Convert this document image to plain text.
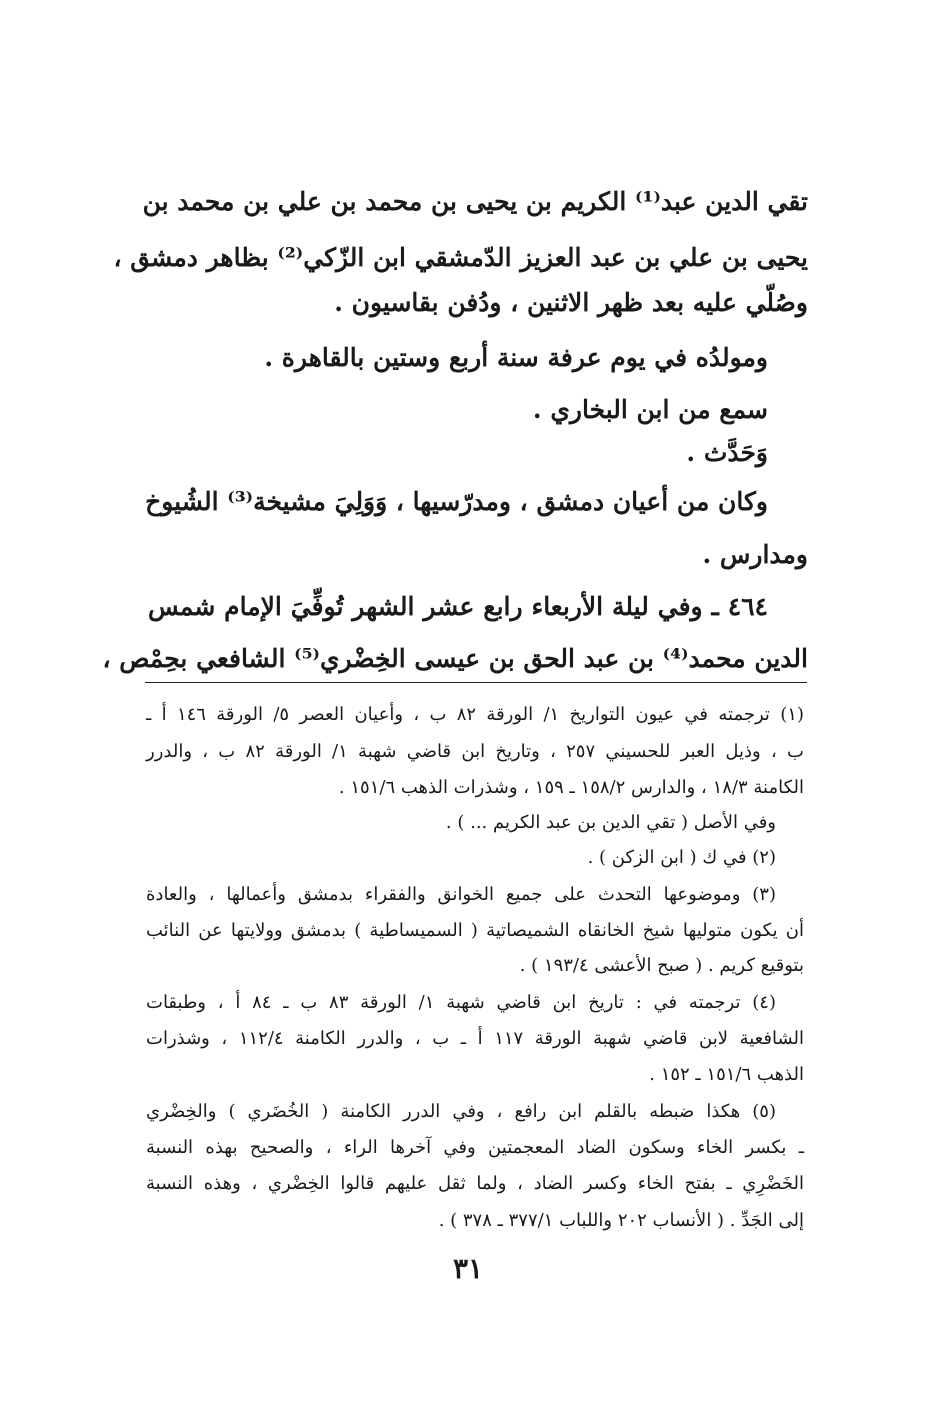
تقي الدين عبد⁽¹⁾ الكريم بن يحيى بن محمد بن علي بن محمد بن
يحيى بن علي بن عبد العزيز الدّمشقي ابن الزّكي⁽²⁾ بظاهر دمشق ،
وصُلّي عليه بعد ظهر الاثنين ، ودُفن بقاسيون .
ومولدُه في يوم عرفة سنة أربع وستين بالقاهرة .
سمع من ابن البخاري .
وَحَدَّث .
وكان من أعيان دمشق ، ومدرّسيها ، وَوَلِيَ مشيخة⁽³⁾ الشُيوخ
ومدارس .
٤٦٤ ـ وفي ليلة الأربعاء رابع عشر الشهر تُوفِّيَ الإمام شمس
الدين محمد⁽⁴⁾ بن عبد الحق بن عيسى الخِضْري⁽⁵⁾ الشافعي بحِمْص ،
(١) ترجمته في عيون التواريخ ١/ الورقة ٨٢ ب ، وأعيان العصر ٥/ الورقة ١٤٦ أ ـ
ب ، وذيل العبر للحسيني ٢٥٧ ، وتاريخ ابن قاضي شهبة ١/ الورقة ٨٢ ب ، والدرر
الكامنة ١٨/٣ ، والدارس ١٥٨/٢ ـ ١٥٩ ، وشذرات الذهب ١٥١/٦ .
وفي الأصل ( تقي الدين بن عبد الكريم ... ) .
(٢) في ك ( ابن الزكن ) .
(٣) وموضوعها التحدث على جميع الخوانق والفقراء بدمشق وأعمالها ، والعادة
أن يكون متوليها شيخ الخانقاه الشميصاتية ( السميساطية ) بدمشق وولايتها عن النائب
بتوقيع كريم . ( صبح الأعشى ١٩٣/٤ ) .
(٤) ترجمته في : تاريخ ابن قاضي شهبة ١/ الورقة ٨٣ ب ـ ٨٤ أ ، وطبقات
الشافعية لابن قاضي شهبة الورقة ١١٧ أ ـ ب ، والدرر الكامنة ١١٢/٤ ، وشذرات
الذهب ١٥١/٦ ـ ١٥٢ .
(٥) هكذا ضبطه بالقلم ابن رافع ، وفي الدرر الكامنة ( الخُضَري ) والخِضْري
ـ بكسر الخاء وسكون الضاد المعجمتين وفي آخرها الراء ، والصحيح بهذه النسبة
الخَضْرِي ـ بفتح الخاء وكسر الضاد ، ولما ثقل عليهم قالوا الخِضْري ، وهذه النسبة
إلى الجَدِّ . ( الأنساب ٢٠٢ واللباب ٣٧٧/١ ـ ٣٧٨ ) .
٣١
